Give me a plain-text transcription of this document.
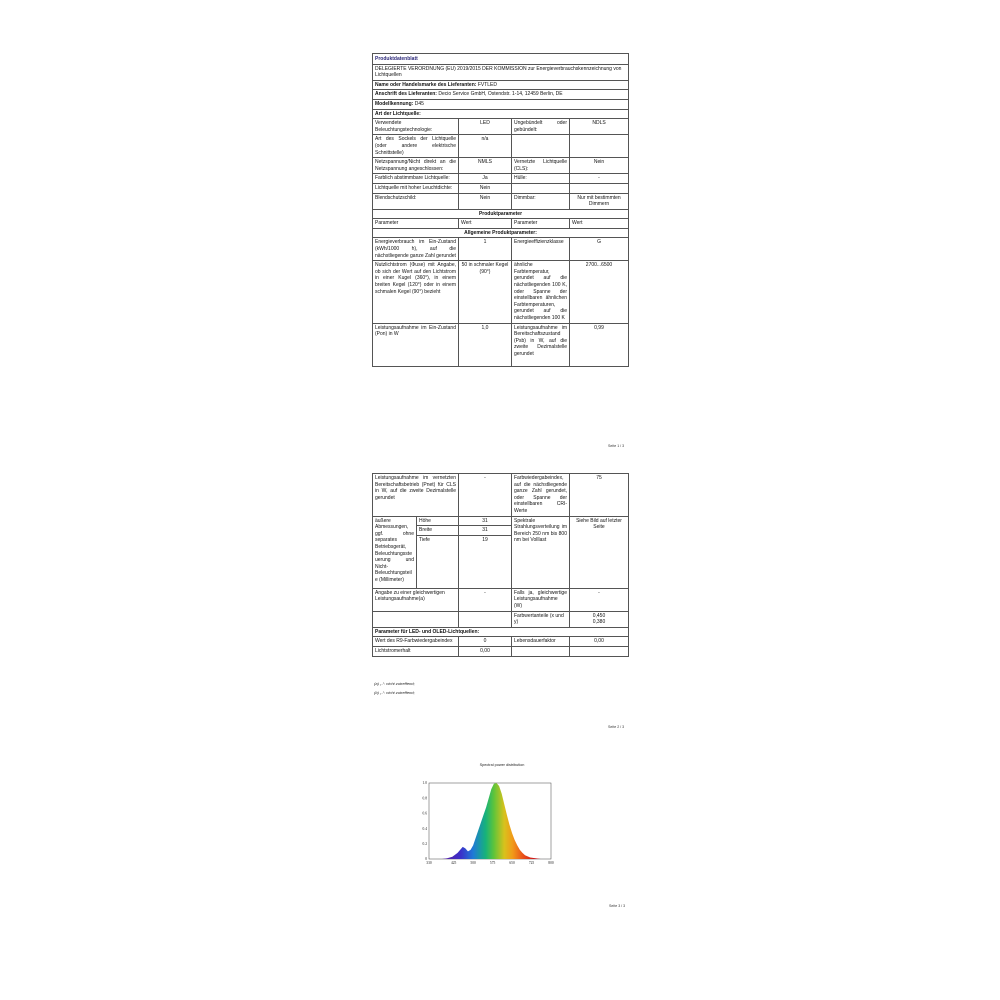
Produktdatenblatt			
DELEGIERTE VERORDNUNG (EU) 2019/2015 DER KOMMISSION zur Energieverbrauchskennzeichnung von Lichtquellen			
Name oder Handelsmarke des Lieferanten: FVTLED			
Anschrift des Lieferanten: Decio Service GmbH, Ostendstr. 1-14, 12459 Berlin, DE			
Modellkennung: D45			
Art der Lichtquelle:			
Verwendete Beleuchtungstechnologie:	LED	Ungebündelt oder gebündelt:	NDLS
Art des Sockels der Lichtquelle (oder andere elektrische Schnittstelle)	n/a		
Netzspannung/Nicht direkt an die Netzspannung angeschlossen:	NMLS	Vernetzte Lichtquelle (CLS):	Nein
Farblich abstimmbare Lichtquelle:	Ja	Hülle:	-
Lichtquelle mit hoher Leuchtdichte:	Nein		
Blendschutzschild:	Nein	Dimmbar:	Nur mit bestimmten Dimmern
Produktparameter			
Parameter	Wert	Parameter	Wert
Allgemeine Produktparameter:			
Energieverbrauch im Ein-Zustand (kWh/1000 h), auf die nächstliegende ganze Zahl gerundet	1	Energieeffizienzklasse	G
Nutzlichtstrom (Φuse) mit Angabe, ob sich der Wert auf den Lichtstrom in einer Kugel (360°), in einem breiten Kegel (120°) oder in einem schmalen Kegel (90°) bezieht	50 in schmaler Kegel (90°)	ähnliche Farbtemperatur, gerundet auf die nächstliegenden 100 K, oder Spanne der einstellbaren ähnlichen Farbtemperaturen, gerundet auf die nächstliegenden 100 K	2700...6500
Leistungsaufnahme im Ein-Zustand (Pon) in W	1,0	Leistungsaufnahme im Bereitschaftszustand (Psb) in W, auf die zweite Dezimalstelle gerundet	0,99
Seite 1 / 3
Leistungsaufnahme im vernetzten Bereitschaftsbetrieb (Pnet) für CLS in W, auf die zweite Dezimalstelle gerundet		-	Farbwiedergabeindex, auf die nächstliegende ganze Zahl gerundet, oder Spanne der einstellbaren CRI-Werte	75
äußere Abmessungen, ggf. ohne separates Betriebsgerät, Beleuchtungssteuerung und Nicht-Beleuchtungsteile (Millimeter)	Höhe	31	Spektrale Strahlungsverteilung im Bereich 250 nm bis 800 nm bei Volllast	Siehe Bild auf letzter Seite
	Breite	31		
	Tiefe	19		
Angabe zu einer gleichwertigen Leistungsaufnahme(a)		-	Falls ja, gleichwertige Leistungsaufnahme (W)	-
			Farbwertanteile (x und y)	0,450
0,380

Parameter für LED- und OLED-Lichtquellen:				
Wert des R9-Farbwiedergabeindex		0	Lebensdauerfaktor	0,00
Lichtstromerhalt		0,00		
(a) „-“: nicht zutreffend;
(b) „-“: nicht zutreffend;
Seite 2 / 3
Spectral power distribution
330	425	500	575	650	725	800
0
0.2
0.4
0.6
0.8
1.0
Seite 3 / 3
